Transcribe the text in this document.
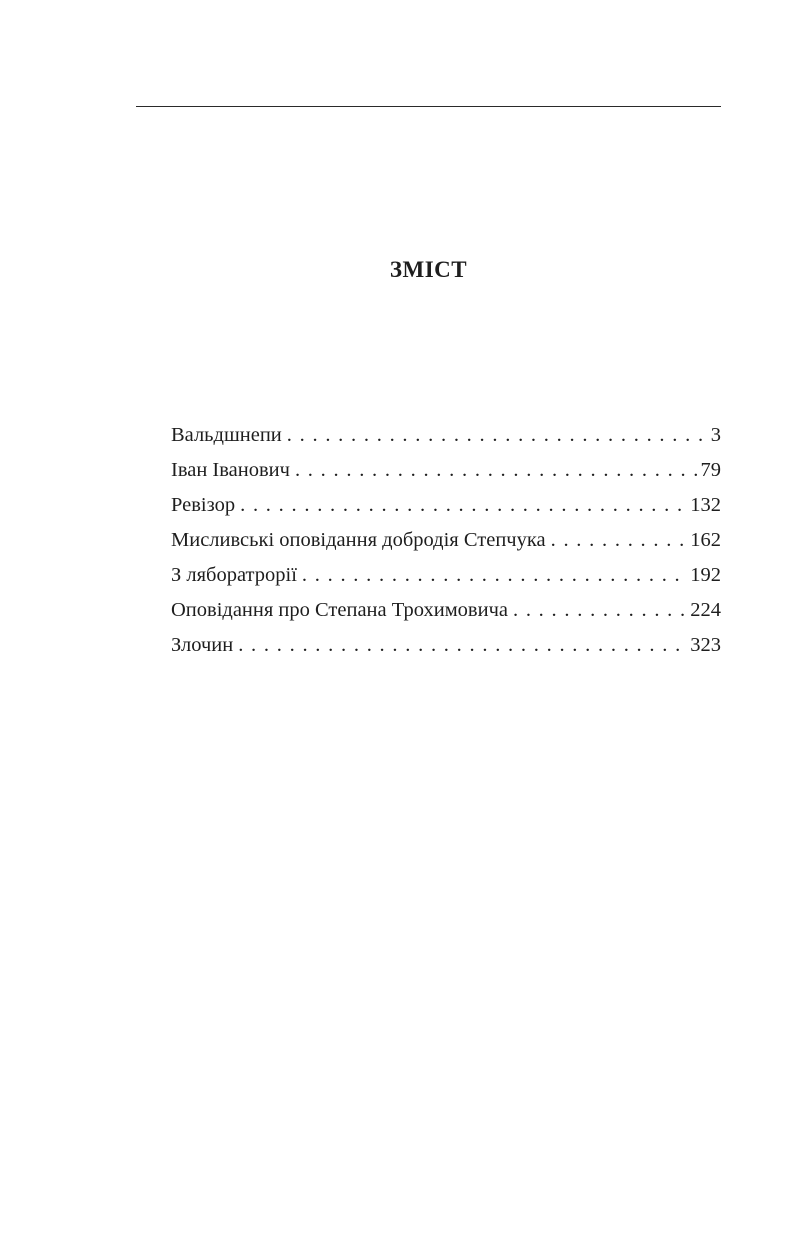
ЗМІСТ
Вальдшнепи . . .	3
Іван Іванович . . .	79
Ревізор . . .	132
Мисливські оповідання добродія Степчука . . .	162
З ляборатрорії . . .	192
Оповідання про Степана Трохимовича . . .	224
Злочин . . .	323
